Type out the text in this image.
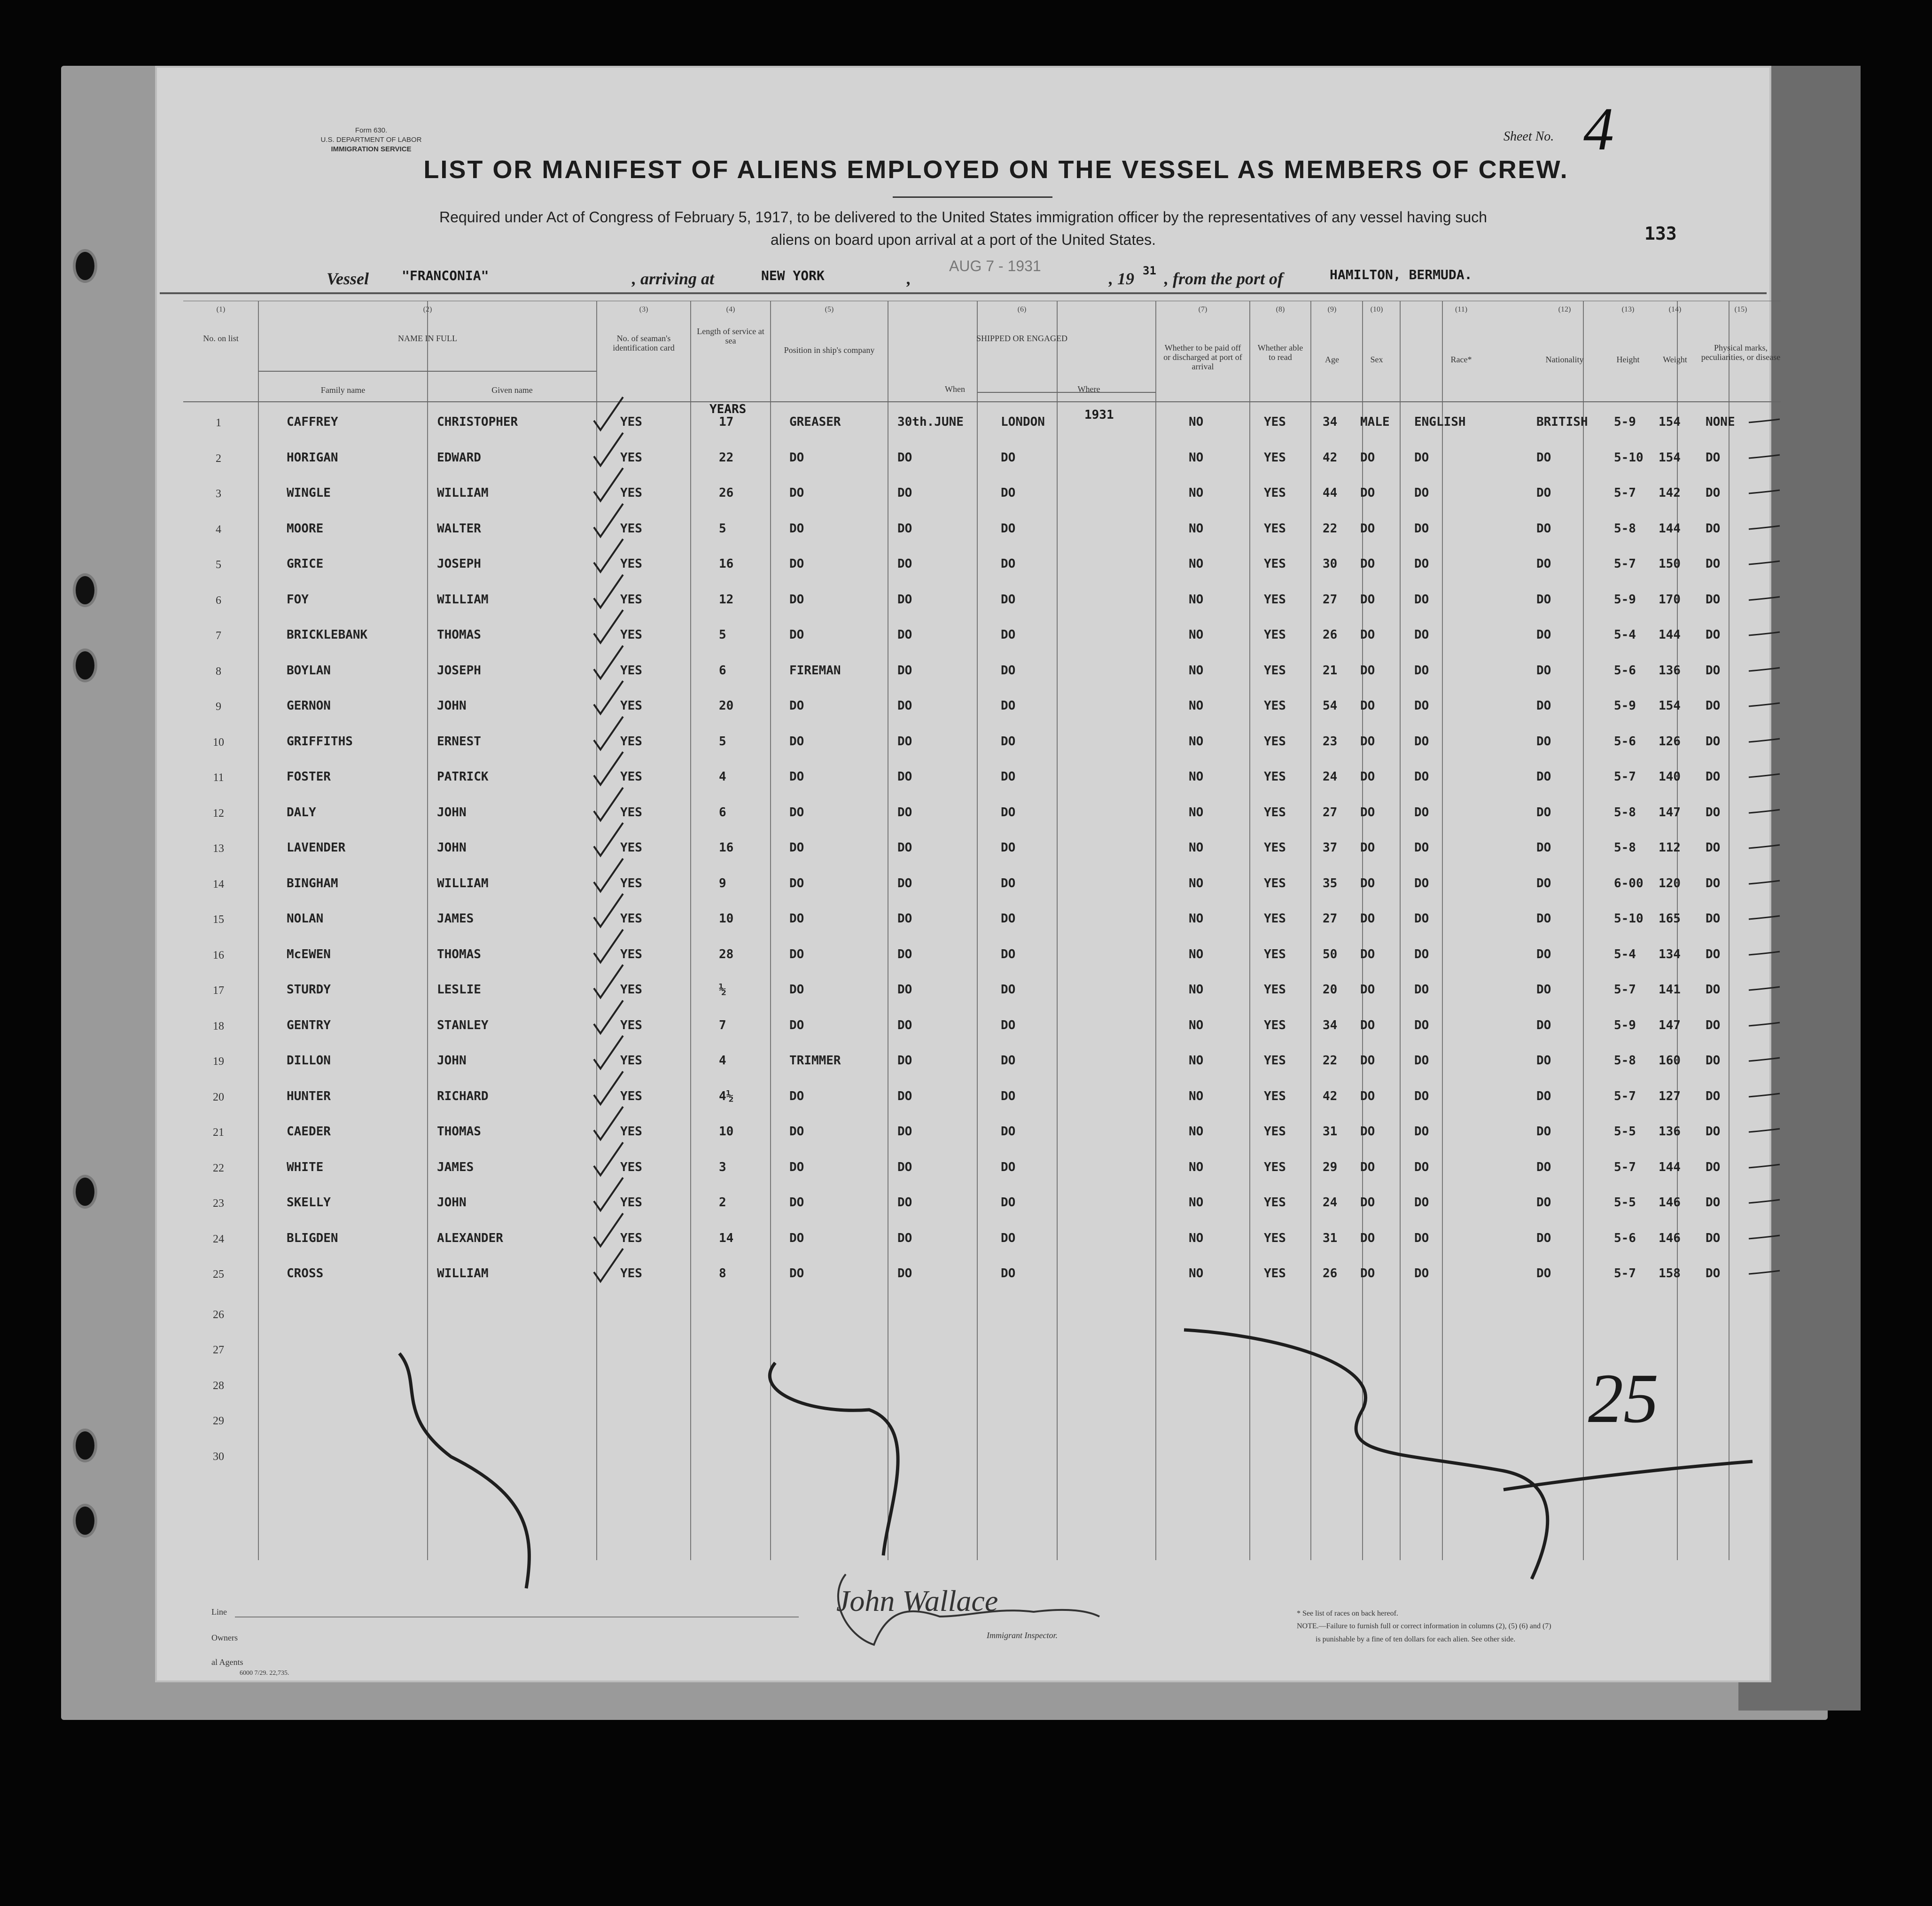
Form 630.
U.S. DEPARTMENT OF LABOR
IMMIGRATION SERVICE
Sheet No. 4
LIST OR MANIFEST OF ALIENS EMPLOYED ON THE VESSEL AS MEMBERS OF CREW.
Required under Act of Congress of February 5, 1917, to be delivered to the United States immigration officer by the representatives of any vessel having such
aliens on board upon arrival at a port of the United States.	133
Vessel	"FRANCONIA"	, arriving at	NEW YORK
AUG 7 - 1931
,	, 19 31 , from the port of	HAMILTON, BERMUDA.
(1)	(2)	(3)	(4)	(5)	(6)	(7)	(8)	(9)	(10)	(11)	(12)	(13)	(14)	(15)
No. on list	NAME IN FULL
Family name	Given name
No. of seaman's identification card
Length of service at sea
Position in ship's company
SHIPPED OR ENGAGED
When	Where
Whether to be paid off or discharged at port of arrival
Whether able to read	Age	Sex	Race*	Nationality	Height	Weight
Physical marks, peculiarities, or disease
YEARS	1931
1	CAFFREY	CHRISTOPHER	YES	17	GREASER	30th.JUNE	LONDON	NO	YES	34 MALE ENGLISH	BRITISH 5-9 154 NONE
2	HORIGAN	EDWARD	YES	22	DO	DO	DO	NO	YES	42 DO	DO	DO	5-10 154 DO
3	WINGLE	WILLIAM	YES	26	DO	DO	DO	NO	YES	44 DO	DO	DO	5-7 142 DO
4	MOORE	WALTER	YES	5	DO	DO	DO	NO	YES	22 DO	DO	DO	5-8 144 DO
5	GRICE	JOSEPH	YES	16	DO	DO	DO	NO	YES	30 DO	DO	DO	5-7 150 DO
6	FOY	WILLIAM	YES	12	DO	DO	DO	NO	YES	27 DO	DO	DO	5-9 170 DO
7	BRICKLEBANK	THOMAS	YES	5	DO	DO	DO	NO	YES	26 DO	DO	DO	5-4 144 DO
8	BOYLAN	JOSEPH	YES	6	FIREMAN	DO	DO	NO	YES	21 DO	DO	DO	5-6 136 DO
9	GERNON	JOHN	YES	20	DO	DO	DO	NO	YES	54 DO	DO	DO	5-9 154 DO
10	GRIFFITHS	ERNEST	YES	5	DO	DO	DO	NO	YES	23 DO	DO	DO	5-6 126 DO
11	FOSTER	PATRICK	YES	4	DO	DO	DO	NO	YES	24 DO	DO	DO	5-7 140 DO
12	DALY	JOHN	YES	6	DO	DO	DO	NO	YES	27 DO	DO	DO	5-8 147 DO
13	LAVENDER	JOHN	YES	16	DO	DO	DO	NO	YES	37 DO	DO	DO	5-8 112 DO
14	BINGHAM	WILLIAM	YES	9	DO	DO	DO	NO	YES	35 DO	DO	DO	6-00 120 DO
15	NOLAN	JAMES	YES	10	DO	DO	DO	NO	YES	27 DO	DO	DO	5-10 165 DO
16	McEWEN	THOMAS	YES	28	DO	DO	DO	NO	YES	50 DO	DO	DO	5-4 134 DO
17	STURDY	LESLIE	YES	½	DO	DO	DO	NO	YES	20 DO	DO	DO	5-7 141 DO
18	GENTRY	STANLEY	YES	7	DO	DO	DO	NO	YES	34 DO	DO	DO	5-9 147 DO
19	DILLON	JOHN	YES	4	TRIMMER	DO	DO	NO	YES	22 DO	DO	DO	5-8 160 DO
20	HUNTER	RICHARD	YES	4½	DO	DO	DO	NO	YES	42 DO	DO	DO	5-7 127 DO
21	CAEDER	THOMAS	YES	10	DO	DO	DO	NO	YES	31 DO	DO	DO	5-5 136 DO
22	WHITE	JAMES	YES	3	DO	DO	DO	NO	YES	29 DO	DO	DO	5-7 144 DO
23	SKELLY	JOHN	YES	2	DO	DO	DO	NO	YES	24 DO	DO	DO	5-5 146 DO
24	BLIGDEN	ALEXANDER	YES	14	DO	DO	DO	NO	YES	31 DO	DO	DO	5-6 146 DO
25	CROSS	WILLIAM	YES	8	DO	DO	DO	NO	YES	26 DO	DO	DO	5-7 158 DO
26
27
28
29
30
25
Line
Owners
al Agents
6000 7/29. 22,735.
John Wallace
Immigrant Inspector.
* See list of races on back hereof.
NOTE.—Failure to furnish full or correct information in columns (2), (5) (6) and (7)
is punishable by a fine of ten dollars for each alien. See other side.
